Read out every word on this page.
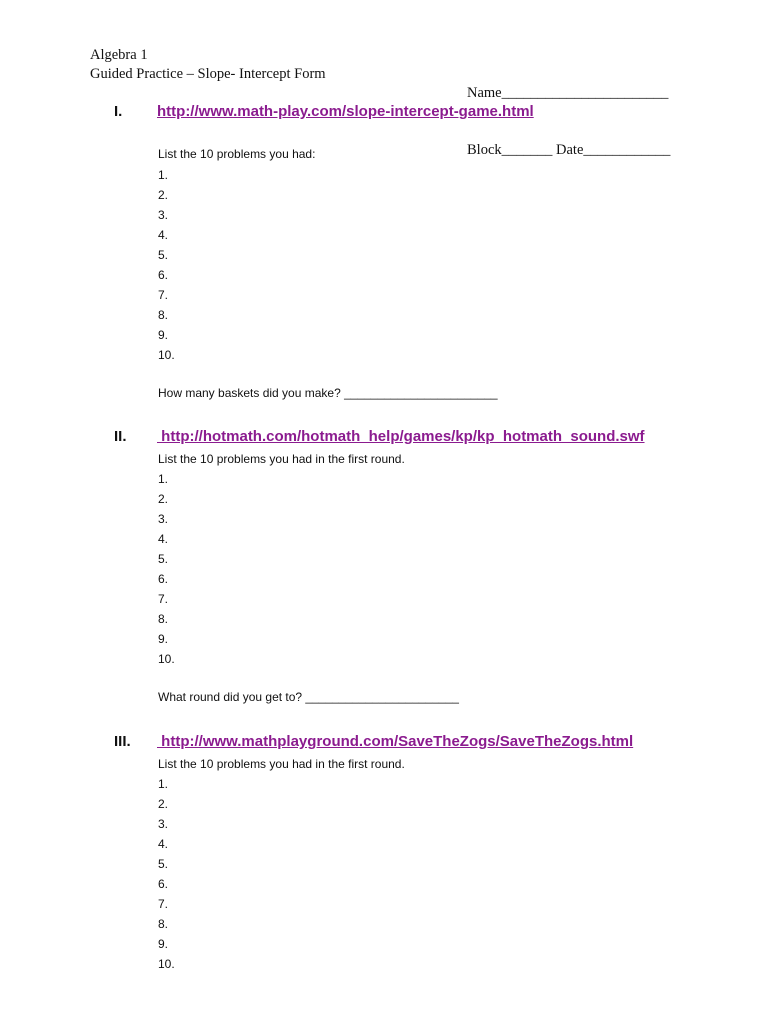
Algebra 1
Guided Practice – Slope- Intercept Form

Name_______________________

Block_______ Date____________

I. http://www.math-play.com/slope-intercept-game.html
List the 10 problems you had:
1.
2.
3.
4.
5.
6.
7.
8.
9.
10.
How many baskets did you make? _______________________
II. http://hotmath.com/hotmath_help/games/kp/kp_hotmath_sound.swf
List the 10 problems you had in the first round.
1.
2.
3.
4.
5.
6.
7.
8.
9.
10.
What round did you get to? _______________________
III. http://www.mathplayground.com/SaveTheZogs/SaveTheZogs.html
List the 10 problems you had in the first round.
1.
2.
3.
4.
5.
6.
7.
8.
9.
10.
